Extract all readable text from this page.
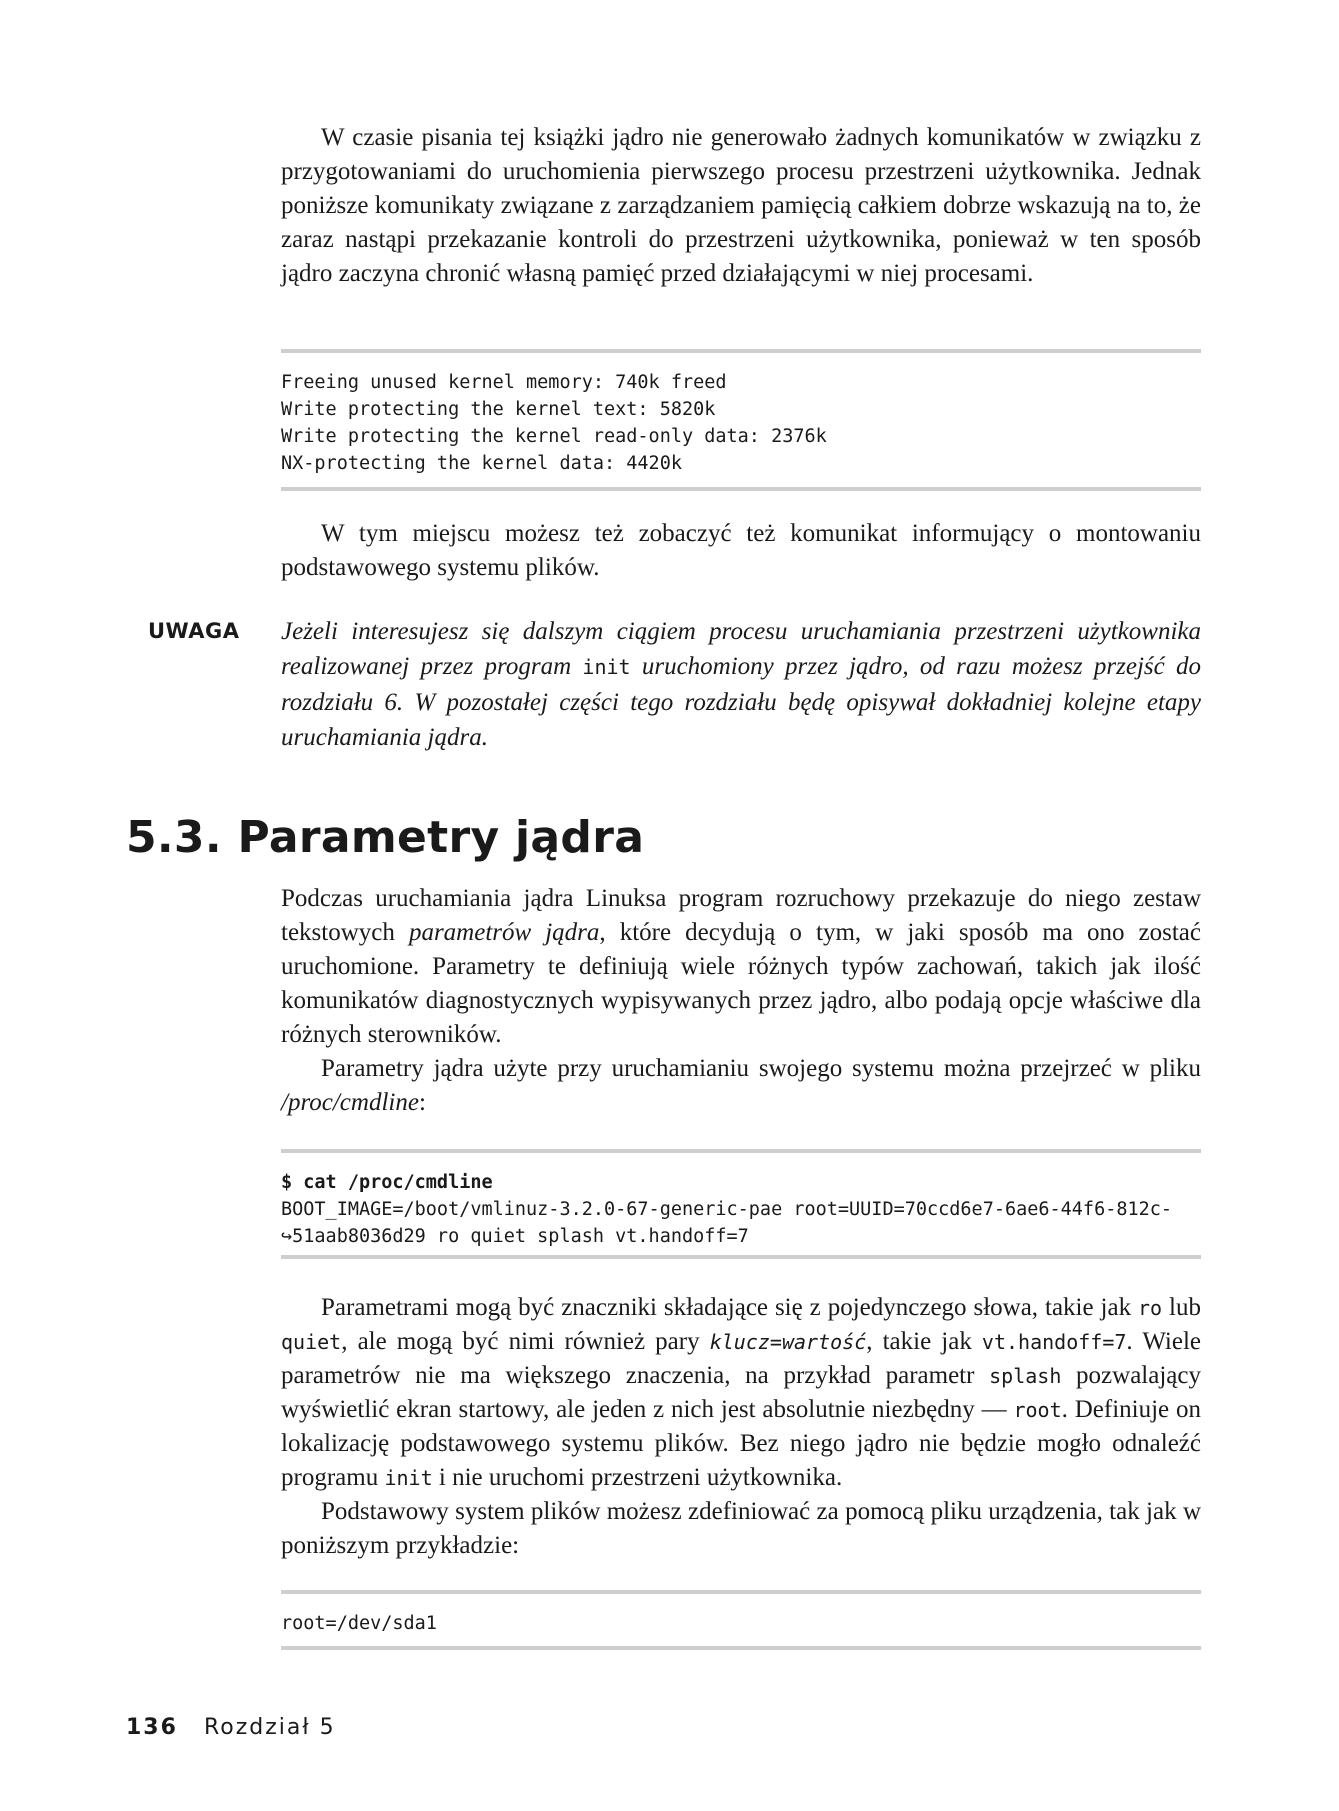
W czasie pisania tej książki jądro nie generowało żadnych komunikatów w związku z przygotowaniami do uruchomienia pierwszego procesu przestrzeni użytkownika. Jednak poniższe komunikaty związane z zarządzaniem pamięcią całkiem dobrze wskazują na to, że zaraz nastąpi przekazanie kontroli do przestrzeni użytkownika, ponieważ w ten sposób jądro zaczyna chronić własną pamięć przed działającymi w niej procesami.

Freeing unused kernel memory: 740k freed
Write protecting the kernel text: 5820k
Write protecting the kernel read-only data: 2376k
NX-protecting the kernel data: 4420k

W tym miejscu możesz też zobaczyć też komunikat informujący o montowaniu podstawowego systemu plików.

UWAGA Jeżeli interesujesz się dalszym ciągiem procesu uruchamiania przestrzeni użytkownika realizowanej przez program init uruchomiony przez jądro, od razu możesz przejść do rozdziału 6. W pozostałej części tego rozdziału będę opisywał dokładniej kolejne etapy uruchamiania jądra.

5.3. Parametry jądra

Podczas uruchamiania jądra Linuksa program rozruchowy przekazuje do niego zestaw tekstowych parametrów jądra, które decydują o tym, w jaki sposób ma ono zostać uruchomione. Parametry te definiują wiele różnych typów zachowań, takich jak ilość komunikatów diagnostycznych wypisywanych przez jądro, albo podają opcje właściwe dla różnych sterowników.

Parametry jądra użyte przy uruchamianiu swojego systemu można przejrzeć w pliku /proc/cmdline:

$ cat /proc/cmdline
BOOT_IMAGE=/boot/vmlinuz-3.2.0-67-generic-pae root=UUID=70ccd6e7-6ae6-44f6-812c-
↪51aab8036d29 ro quiet splash vt.handoff=7

Parametrami mogą być znaczniki składające się z pojedynczego słowa, takie jak ro lub quiet, ale mogą być nimi również pary klucz=wartość, takie jak vt.handoff=7. Wiele parametrów nie ma większego znaczenia, na przykład parametr splash pozwalający wyświetlić ekran startowy, ale jeden z nich jest absolutnie niezbędny — root. Definiuje on lokalizację podstawowego systemu plików. Bez niego jądro nie będzie mogło odnaleźć programu init i nie uruchomi przestrzeni użytkownika.

Podstawowy system plików możesz zdefiniować za pomocą pliku urządzenia, tak jak w poniższym przykładzie:

root=/dev/sda1
136 Rozdział 5
